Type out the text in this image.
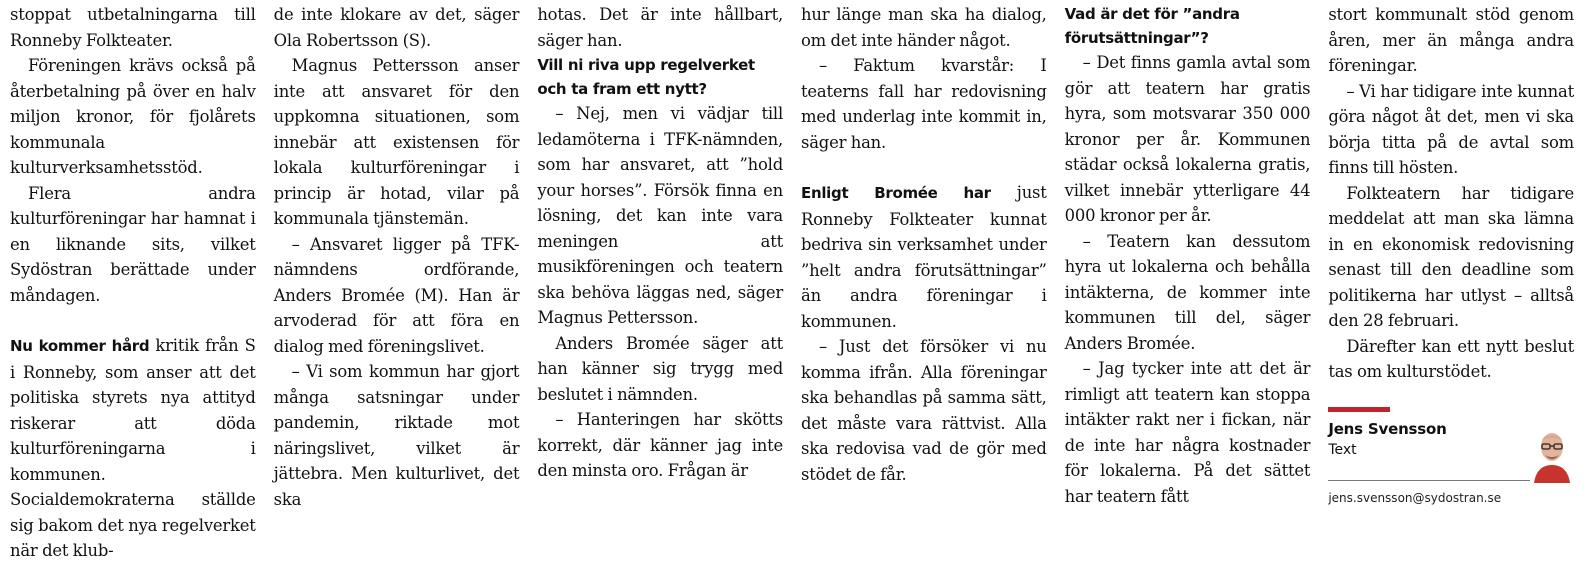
stoppat utbetalningarna till Ronneby Folkteater.

Föreningen krävs också på återbetalning på över en halv miljon kronor, för fjolårets kommunala kulturverksamhetsstöd.

Flera andra kulturföreningar har hamnat i en liknande sits, vilket Sydöstran berättade under måndagen.

Nu kommer hård kritik från S i Ronneby, som anser att det politiska styrets nya attityd riskerar att döda kulturföreningarna i kommunen. Socialdemokraterna ställde sig bakom det nya regelverket när det klub-

de inte klokare av det, säger Ola Robertsson (S).

Magnus Pettersson anser inte att ansvaret för den uppkomna situationen, som innebär att existensen för lokala kulturföreningar i princip är hotad, vilar på kommunala tjänstemän.

– Ansvaret ligger på TFK-nämndens ordförande, Anders Bromée (M). Han är arvoderad för att föra en dialog med föreningslivet.

– Vi som kommun har gjort många satsningar under pandemin, riktade mot näringslivet, vilket är jättebra. Men kulturlivet, det ska

hotas. Det är inte hållbart, säger han.

Vill ni riva upp regelverket och ta fram ett nytt?

– Nej, men vi vädjar till ledamöterna i TFK-nämnden, som har ansvaret, att ”hold your horses”. Försök finna en lösning, det kan inte vara meningen att musikföreningen och teatern ska behöva läggas ned, säger Magnus Pettersson.

Anders Bromée säger att han känner sig trygg med beslutet i nämnden.

– Hanteringen har skötts korrekt, där känner jag inte den minsta oro. Frågan är

hur länge man ska ha dialog, om det inte händer något.

– Faktum kvarstår: I teaterns fall har redovisning med underlag inte kommit in, säger han.

Enligt Bromée har just Ronneby Folkteater kunnat bedriva sin verksamhet under ”helt andra förutsättningar” än andra föreningar i kommunen.

– Just det försöker vi nu komma ifrån. Alla föreningar ska behandlas på samma sätt, det måste vara rättvist. Alla ska redovisa vad de gör med stödet de får.

Vad är det för ”andra förutsättningar”?

– Det finns gamla avtal som gör att teatern har gratis hyra, som motsvarar 350 000 kronor per år. Kommunen städar också lokalerna gratis, vilket innebär ytterligare 44 000 kronor per år.

– Teatern kan dessutom hyra ut lokalerna och behålla intäkterna, de kommer inte kommunen till del, säger Anders Bromée.

– Jag tycker inte att det är rimligt att teatern kan stoppa intäkter rakt ner i fickan, när de inte har några kostnader för lokalerna. På det sättet har teatern fått

stort kommunalt stöd genom åren, mer än många andra föreningar.

– Vi har tidigare inte kunnat göra något åt det, men vi ska börja titta på de avtal som finns till hösten.

Folkteatern har tidigare meddelat att man ska lämna in en ekonomisk redovisning senast till den deadline som politikerna har utlyst – alltså den 28 februari.

Därefter kan ett nytt beslut tas om kulturstödet.

Jens Svensson
Text
jens.svensson@sydostran.se
